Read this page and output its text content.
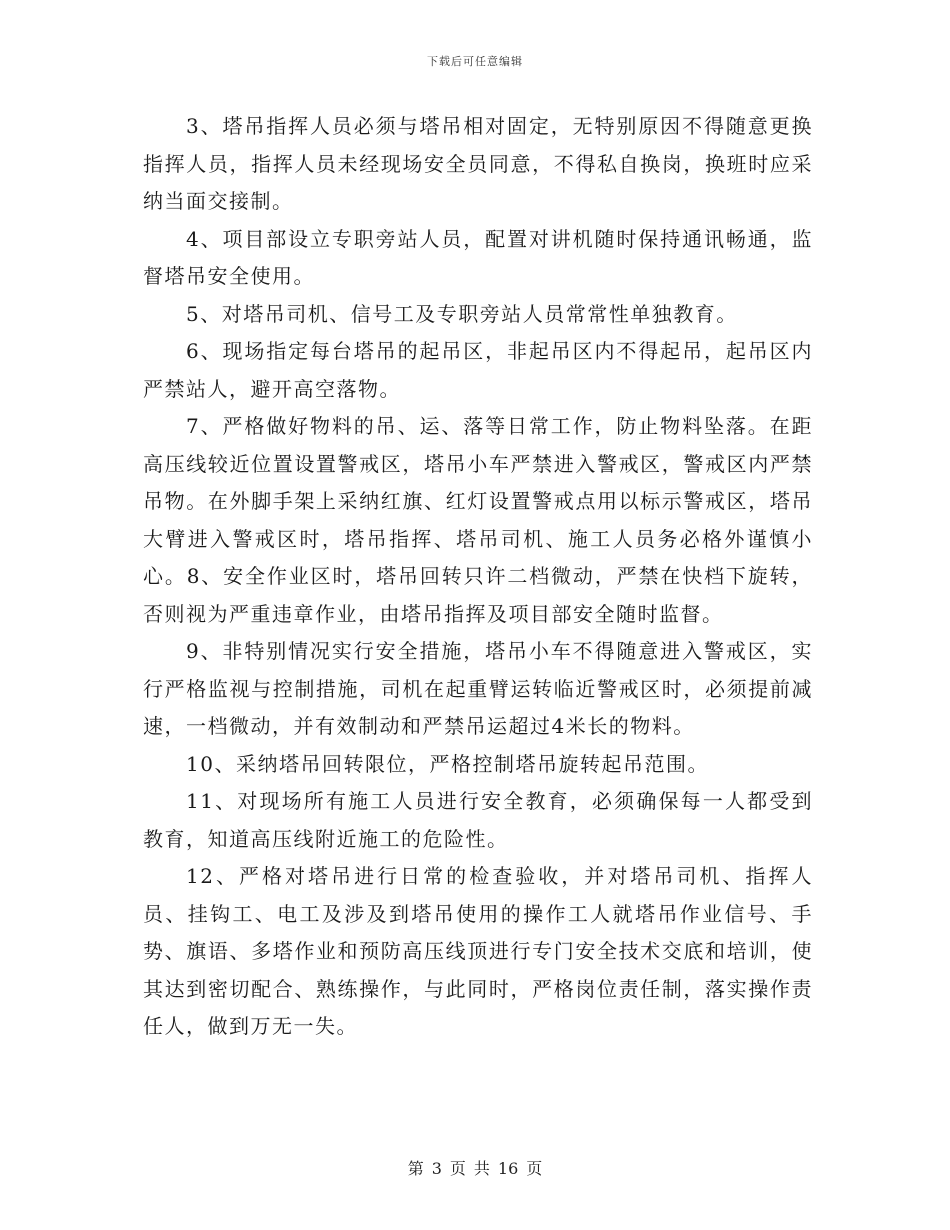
下载后可任意编辑

3、塔吊指挥人员必须与塔吊相对固定，无特别原因不得随意更换指挥人员，指挥人员未经现场安全员同意，不得私自换岗，换班时应采纳当面交接制。

4、项目部设立专职旁站人员，配置对讲机随时保持通讯畅通，监督塔吊安全使用。

5、对塔吊司机、信号工及专职旁站人员常常性单独教育。

6、现场指定每台塔吊的起吊区，非起吊区内不得起吊，起吊区内严禁站人，避开高空落物。

7、严格做好物料的吊、运、落等日常工作，防止物料坠落。在距高压线较近位置设置警戒区，塔吊小车严禁进入警戒区，警戒区内严禁吊物。在外脚手架上采纳红旗、红灯设置警戒点用以标示警戒区，塔吊大臂进入警戒区时，塔吊指挥、塔吊司机、施工人员务必格外谨慎小心。8、安全作业区时，塔吊回转只许二档微动，严禁在快档下旋转，否则视为严重违章作业，由塔吊指挥及项目部安全随时监督。

9、非特别情况实行安全措施，塔吊小车不得随意进入警戒区，实行严格监视与控制措施，司机在起重臂运转临近警戒区时，必须提前减速，一档微动，并有效制动和严禁吊运超过4米长的物料。

10、采纳塔吊回转限位，严格控制塔吊旋转起吊范围。

11、对现场所有施工人员进行安全教育，必须确保每一人都受到教育，知道高压线附近施工的危险性。

12、严格对塔吊进行日常的检查验收，并对塔吊司机、指挥人员、挂钩工、电工及涉及到塔吊使用的操作工人就塔吊作业信号、手势、旗语、多塔作业和预防高压线顶进行专门安全技术交底和培训，使其达到密切配合、熟练操作，与此同时，严格岗位责任制，落实操作责任人，做到万无一失。

第 3 页 共 16 页
